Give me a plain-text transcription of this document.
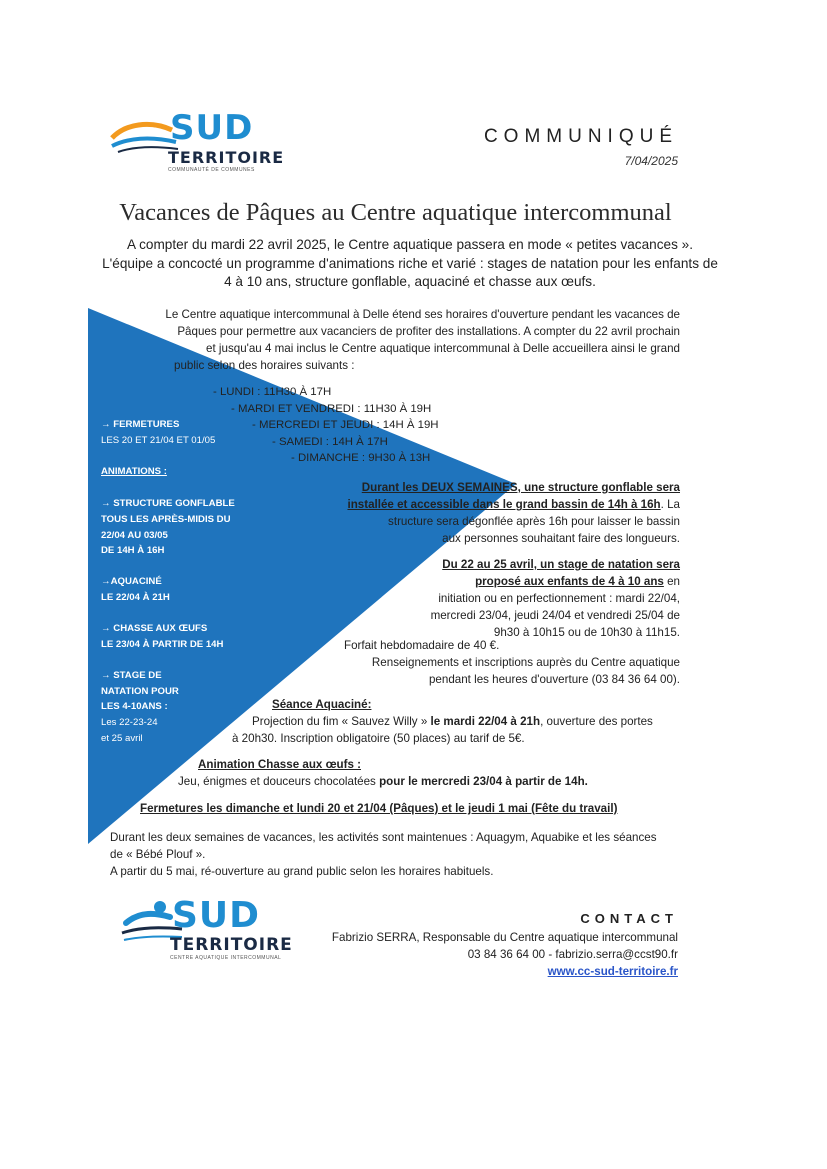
SUD
TERRITOIRE
COMMUNAUTÉ DE COMMUNES
COMMUNIQUÉ
7/04/2025
Vacances de Pâques au Centre aquatique intercommunal
A compter du mardi 22 avril 2025, le Centre aquatique passera en mode « petites vacances ». L'équipe a concocté un programme d'animations riche et varié : stages de natation pour les enfants de 4 à 10 ans, structure gonflable, aquaciné et chasse aux œufs.
Le Centre aquatique intercommunal à Delle étend ses horaires d'ouverture pendant les vacances de
Pâques pour permettre aux vacanciers de profiter des installations. A compter du 22 avril prochain
et jusqu'au 4 mai inclus le Centre aquatique intercommunal à Delle accueillera ainsi le grand
public selon des horaires suivants :
- LUNDI : 11H30 À 17H
- MARDI ET VENDREDI : 11H30 À 19H
- MERCREDI ET JEUDI : 14H À 19H
- SAMEDI : 14H À 17H
- DIMANCHE : 9H30 À 13H
→ FERMETURES
LES 20 ET 21/04 ET 01/05
ANIMATIONS :
→ STRUCTURE GONFLABLE
TOUS LES APRÈS-MIDIS DU
22/04 AU 03/05
DE 14H À 16H
→AQUACINÉ
LE 22/04 À 21H
→ CHASSE AUX ŒUFS
LE 23/04 À PARTIR DE 14H
→ STAGE DE
NATATION POUR
LES 4-10ANS :
Les 22-23-24
et 25 avril
Durant les DEUX SEMAINES, une structure gonflable sera
installée et accessible dans le grand bassin de 14h à 16h. La
structure sera dégonflée après 16h pour laisser le bassin
aux personnes souhaitant faire des longueurs.
Du 22 au 25 avril, un stage de natation sera
proposé aux enfants de 4 à 10 ans en
initiation ou en perfectionnement : mardi 22/04,
mercredi 23/04, jeudi 24/04 et vendredi 25/04 de
9h30 à 10h15 ou de 10h30 à 11h15.
Forfait hebdomadaire de 40 €.
Renseignements et inscriptions auprès du Centre aquatique
pendant les heures d'ouverture (03 84 36 64 00).
Séance Aquaciné:
Projection du fim « Sauvez Willy » le mardi 22/04 à 21h, ouverture des portes
à 20h30. Inscription obligatoire (50 places) au tarif de 5€.
Animation Chasse aux œufs :
Jeu, énigmes et douceurs chocolatées pour le mercredi 23/04 à partir de 14h.
Fermetures les dimanche et lundi 20 et 21/04 (Pâques) et le jeudi 1 mai (Fête du travail)
Durant les deux semaines de vacances, les activités sont maintenues : Aquagym, Aquabike et les séances
de « Bébé Plouf ».
A partir du 5 mai, ré-ouverture au grand public selon les horaires habituels.
SUD
TERRITOIRE
CENTRE AQUATIQUE INTERCOMMUNAL
CONTACT
Fabrizio SERRA, Responsable du Centre aquatique intercommunal
03 84 36 64 00 - fabrizio.serra@ccst90.fr
www.cc-sud-territoire.fr
